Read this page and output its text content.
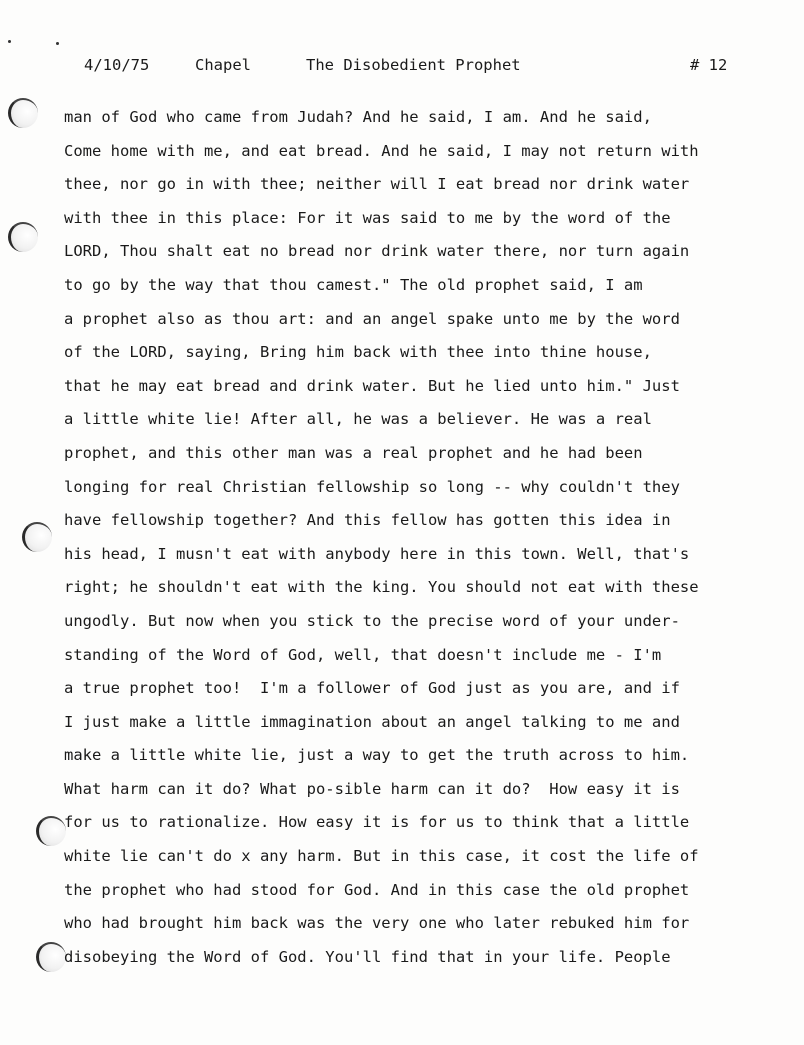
4/10/75	Chapel	The Disobedient Prophet	# 12
man of God who came from Judah? And he said, I am. And he said,
Come home with me, and eat bread. And he said, I may not return with
thee, nor go in with thee; neither will I eat bread nor drink water
with thee in this place: For it was said to me by the word of the
LORD, Thou shalt eat no bread nor drink water there, nor turn again
to go by the way that thou camest." The old prophet said, I am
a prophet also as thou art: and an angel spake unto me by the word
of the LORD, saying, Bring him back with thee into thine house,
that he may eat bread and drink water. But he lied unto him." Just
a little white lie! After all, he was a believer. He was a real
prophet, and this other man was a real prophet and he had been
longing for real Christian fellowship so long -- why couldn't they
have fellowship together? And this fellow has gotten this idea in
his head, I musn't eat with anybody here in this town. Well, that's
right; he shouldn't eat with the king. You should not eat with these
ungodly. But now when you stick to the precise word of your under-
standing of the Word of God, well, that doesn't include me - I'm
a true prophet too!  I'm a follower of God just as you are, and if
I just make a little immagination about an angel talking to me and
make a little white lie, just a way to get the truth across to him.
What harm can it do? What po-sible harm can it do?  How easy it is
for us to rationalize. How easy it is for us to think that a little
white lie can't do x any harm. But in this case, it cost the life of
the prophet who had stood for God. And in this case the old prophet
who had brought him back was the very one who later rebuked him for
disobeying the Word of God. You'll find that in your life. People
